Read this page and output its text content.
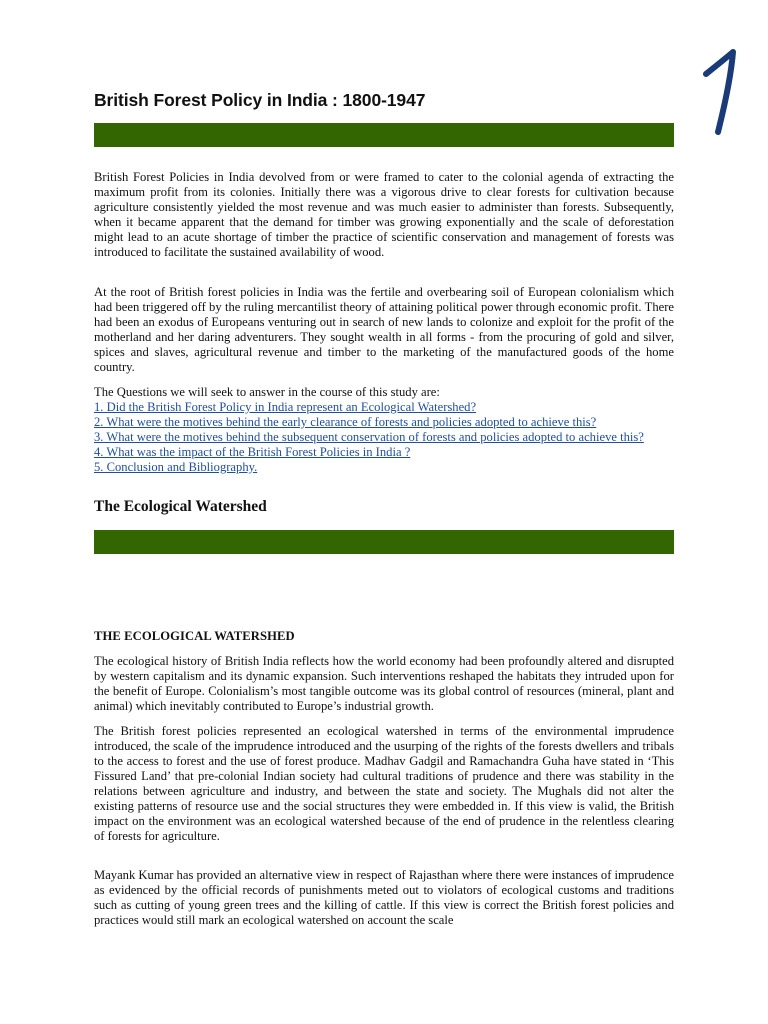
British Forest Policy in India : 1800-1947

British Forest Policies in India devolved from or were framed to cater to the colonial agenda of extracting the maximum profit from its colonies. Initially there was a vigorous drive to clear forests for cultivation because agriculture consistently yielded the most revenue and was much easier to administer than forests. Subsequently, when it became apparent that the demand for timber was growing exponentially and the scale of deforestation might lead to an acute shortage of timber the practice of scientific conservation and management of forests was introduced to facilitate the sustained availability of wood.

At the root of British forest policies in India was the fertile and overbearing soil of European colonialism which had been triggered off by the ruling mercantilist theory of attaining political power through economic profit. There had been an exodus of Europeans venturing out in search of new lands to colonize and exploit for the profit of the motherland and her daring adventurers. They sought wealth in all forms - from the procuring of gold and silver, spices and slaves, agricultural revenue and timber to the marketing of the manufactured goods of the home country.

The Questions we will seek to answer in the course of this study are:

1. Did the British Forest Policy in India represent an Ecological Watershed?
2. What were the motives behind the early clearance of forests and policies adopted to achieve this?
3. What were the motives behind the subsequent conservation of forests and policies adopted to achieve this?
4. What was the impact of the British Forest Policies in India ?
5. Conclusion and Bibliography.
The Ecological Watershed
THE ECOLOGICAL WATERSHED

The ecological history of British India reflects how the world economy had been profoundly altered and disrupted by western capitalism and its dynamic expansion. Such interventions reshaped the habitats they intruded upon for the benefit of Europe. Colonialism’s most tangible outcome was its global control of resources (mineral, plant and animal) which inevitably contributed to Europe’s industrial growth.

The British forest policies represented an ecological watershed in terms of the environmental imprudence introduced, the scale of the imprudence introduced and the usurping of the rights of the forests dwellers and tribals to the access to forest and the use of forest produce. Madhav Gadgil and Ramachandra Guha have stated in ‘This Fissured Land’ that pre-colonial Indian society had cultural traditions of prudence and there was stability in the relations between agriculture and industry, and between the state and society. The Mughals did not alter the existing patterns of resource use and the social structures they were embedded in. If this view is valid, the British impact on the environment was an ecological watershed because of the end of prudence in the relentless clearing of forests for agriculture.

Mayank Kumar has provided an alternative view in respect of Rajasthan where there were instances of imprudence as evidenced by the official records of punishments meted out to violators of ecological customs and traditions such as cutting of young green trees and the killing of cattle. If this view is correct the British forest policies and practices would still mark an ecological watershed on account the scale
